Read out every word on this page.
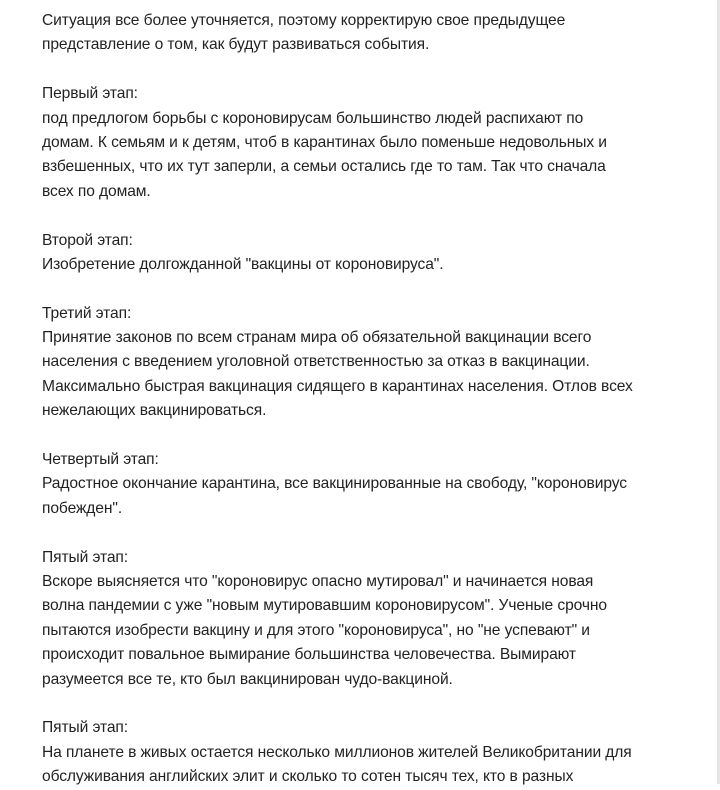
Ситуация все более уточняется, поэтому корректирую свое предыдущее
представление о том, как будут развиваться события.
Первый этап:
под предлогом борьбы с короновирусам большинство людей распихают по
домам. К семьям и к детям, чтоб в карантинах было поменьше недовольных и
взбешенных, что их тут заперли, а семьи остались где то там. Так что сначала
всех по домам.
Второй этап:
Изобретение долгожданной "вакцины от короновируса".
Третий этап:
Принятие законов по всем странам мира об обязательной вакцинации всего
населения с введением уголовной ответственностью за отказ в вакцинации.
Максимально быстрая вакцинация сидящего в карантинах населения. Отлов всех
нежелающих вакцинироваться.
Четвертый этап:
Радостное окончание карантина, все вакцинированные на свободу, "короновирус
побежден".
Пятый этап:
Вскоре выясняется что "короновирус опасно мутировал" и начинается новая
волна пандемии с уже "новым мутировавшим короновирусом". Ученые срочно
пытаются изобрести вакцину и для этого "короновируса", но "не успевают" и
происходит повальное вымирание большинства человечества. Вымирают
разумеется все те, кто был вакцинирован чудо-вакциной.
Пятый этап:
На планете в живых остается несколько миллионов жителей Великобритании для
обслуживания английских элит и сколько то сотен тысяч тех, кто в разных
